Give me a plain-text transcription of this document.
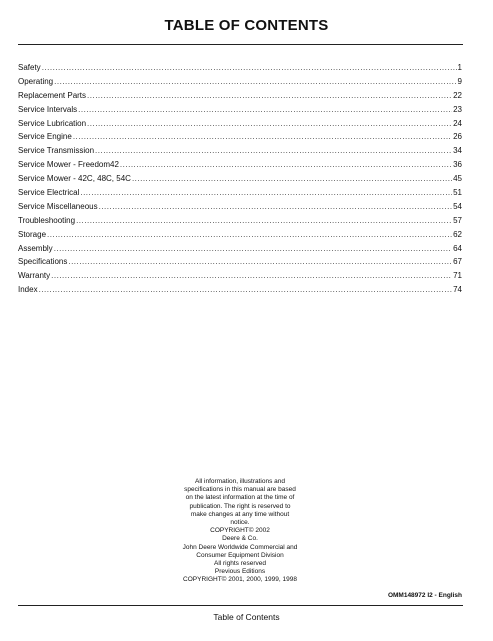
TABLE OF CONTENTS
Safety .....	1
Operating .....	9
Replacement Parts .....	22
Service Intervals .....	23
Service Lubrication .....	24
Service Engine .....	26
Service Transmission .....	34
Service Mower - Freedom42 .....	36
Service Mower - 42C, 48C, 54C .....	45
Service Electrical .....	51
Service Miscellaneous .....	54
Troubleshooting .....	57
Storage .....	62
Assembly .....	64
Specifications .....	67
Warranty .....	71
Index .....	74
All information, illustrations and
specifications in this manual are based
on the latest information at the time of
publication. The right is reserved to
make changes at any time without
notice.
COPYRIGHT© 2002
Deere & Co.
John Deere Worldwide Commercial and
Consumer Equipment Division
All rights reserved
Previous Editions
COPYRIGHT© 2001, 2000, 1999, 1998
OMM148972 I2 - English
Table of Contents
